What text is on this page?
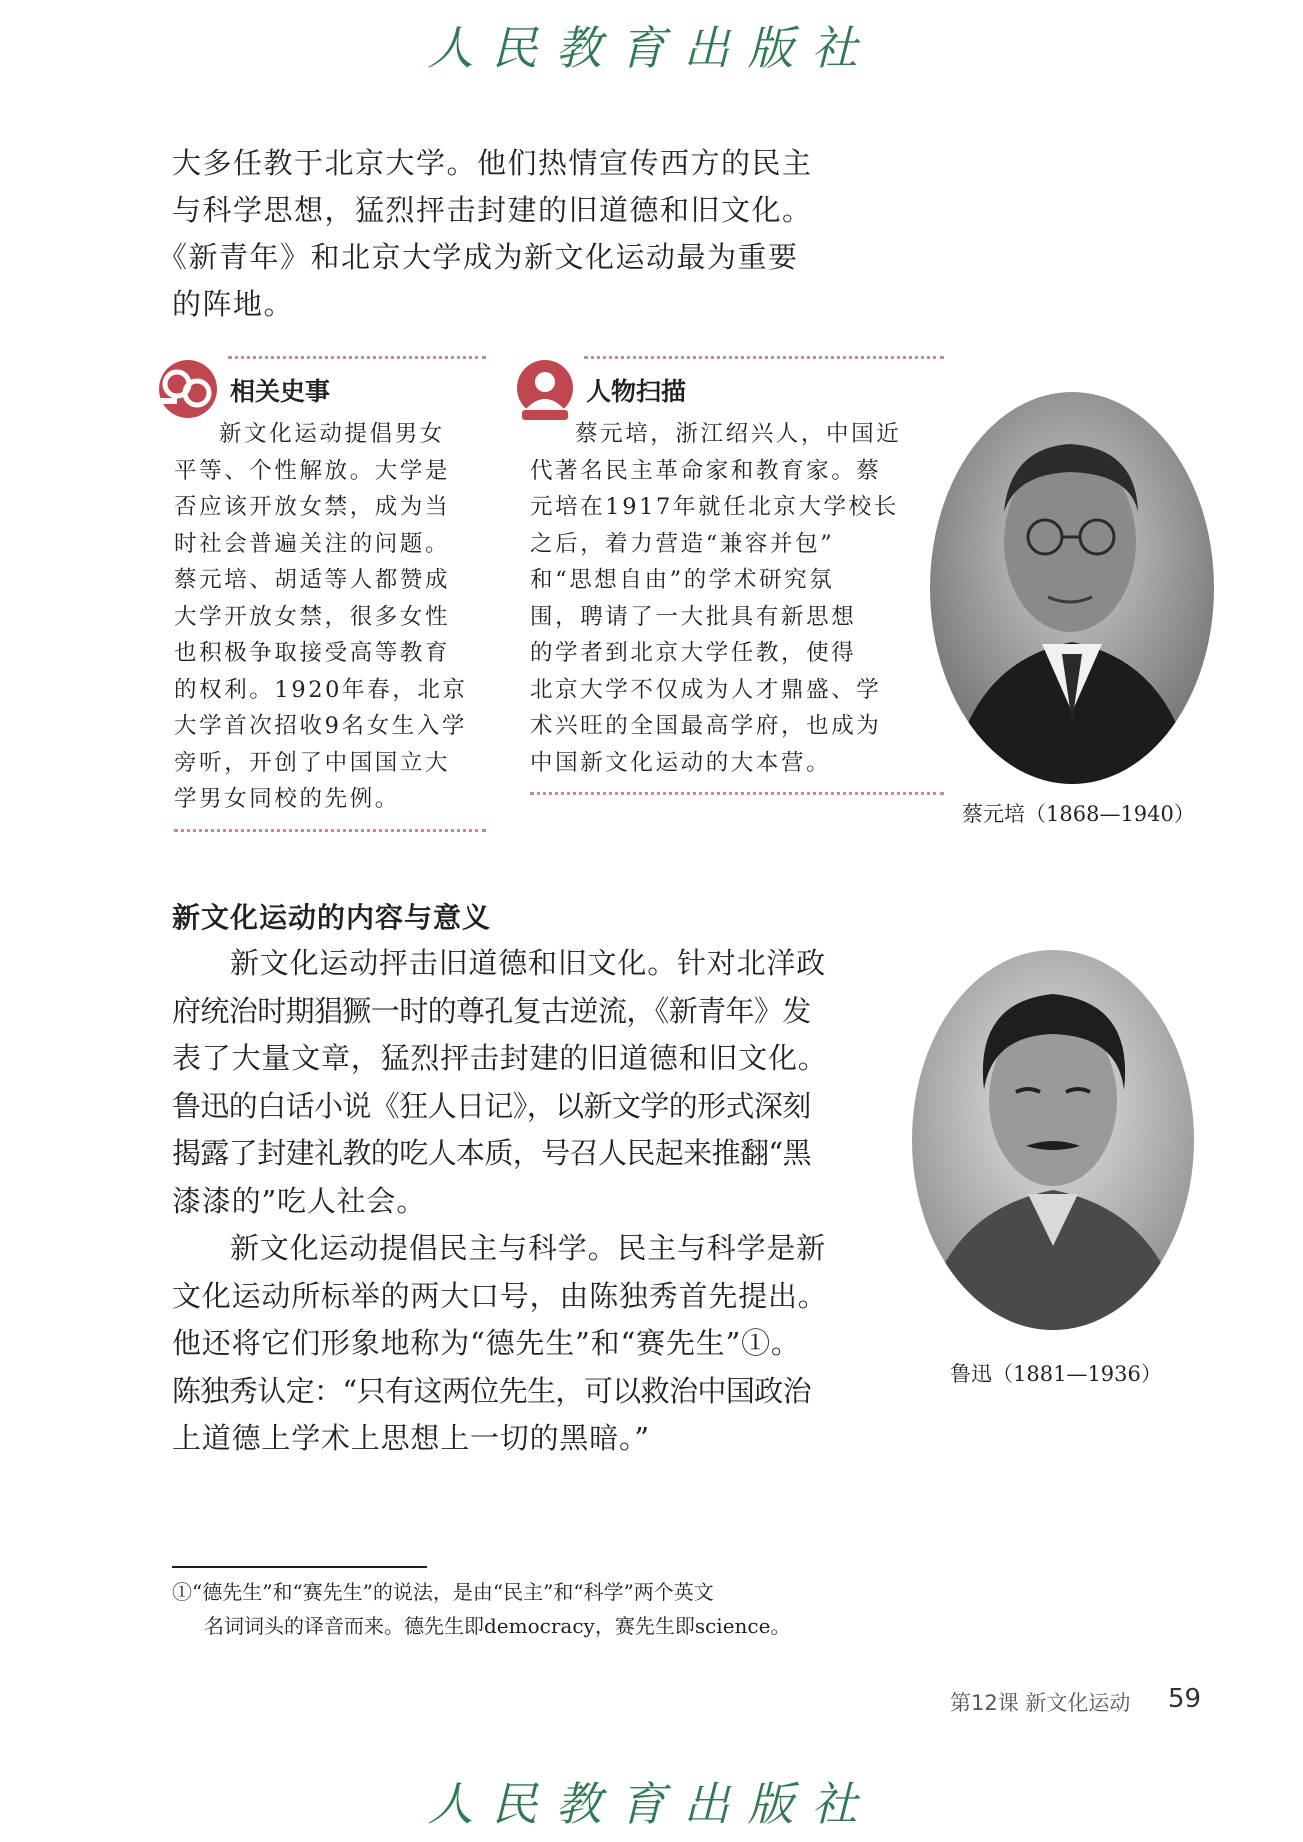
人民教育出版社

大多任教于北京大学。他们热情宣传西方的民主

与科学思想，猛烈抨击封建的旧道德和旧文化。

《新青年》和北京大学成为新文化运动最为重要

的阵地。

相关史事

新文化运动提倡男女

平等、个性解放。大学是

否应该开放女禁，成为当

时社会普遍关注的问题。

蔡元培、胡适等人都赞成

大学开放女禁，很多女性

也积极争取接受高等教育

的权利。1920年春，北京

大学首次招收9名女生入学

旁听，开创了中国国立大

学男女同校的先例。

人物扫描

蔡元培，浙江绍兴人，中国近

代著名民主革命家和教育家。蔡

元培在1917年就任北京大学校长

之后，着力营造“兼容并包”

和“思想自由”的学术研究氛

围，聘请了一大批具有新思想

的学者到北京大学任教，使得

北京大学不仅成为人才鼎盛、学

术兴旺的全国最高学府，也成为

中国新文化运动的大本营。

蔡元培（1868—1940）
新文化运动的内容与意义

新文化运动抨击旧道德和旧文化。针对北洋政

府统治时期猖獗一时的尊孔复古逆流，《新青年》发

表了大量文章，猛烈抨击封建的旧道德和旧文化。

鲁迅的白话小说《狂人日记》，以新文学的形式深刻

揭露了封建礼教的吃人本质，号召人民起来推翻“黑

漆漆的”吃人社会。

新文化运动提倡民主与科学。民主与科学是新

文化运动所标举的两大口号，由陈独秀首先提出。

他还将它们形象地称为“德先生”和“赛先生”①。

陈独秀认定：“只有这两位先生，可以救治中国政治

上道德上学术上思想上一切的黑暗。”

鲁迅（1881—1936）
①“德先生”和“赛先生”的说法，是由“民主”和“科学”两个英文
名词词头的译音而来。德先生即democracy，赛先生即science。
第12课 新文化运动 59
人民教育出版社
